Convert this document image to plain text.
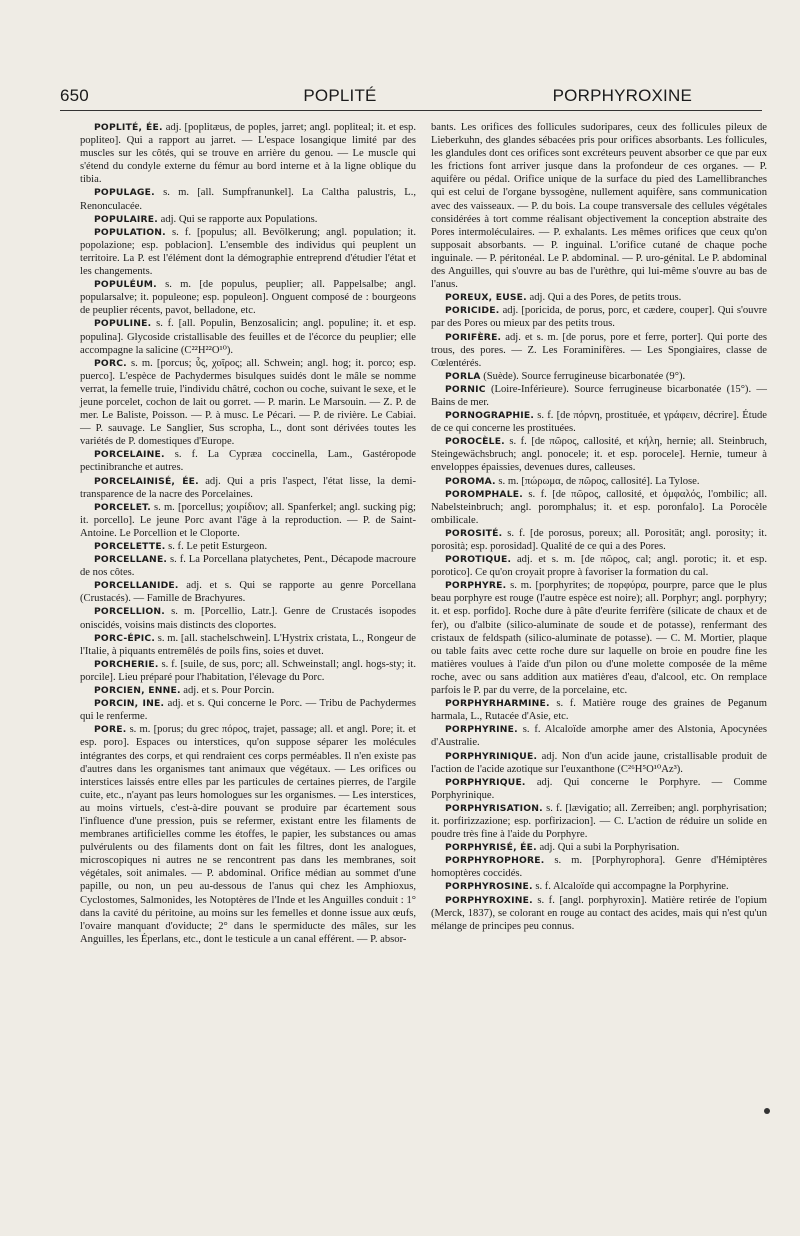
650	POPLITÉ	PORPHYROXINE

POPLITÉ, ÉE. adj. [poplitæus, de poples, jarret; angl. popliteal; it. et esp. popliteo]. Qui a rapport au jarret. — L'espace losangique limité par des muscles sur les côtés, qui se trouve en arrière du genou. — Le muscle qui s'étend du condyle externe du fémur au bord interne et à la ligne oblique du tibia.

POPULAGE. s. m. [all. Sumpfranunkel]. La Caltha palustris, L., Renonculacée.

POPULAIRE. adj. Qui se rapporte aux Populations.

POPULATION. s. f. [populus; all. Bevölkerung; angl. population; it. popolazione; esp. poblacion]. L'ensemble des individus qui peuplent un territoire. La P. est l'élément dont la démographie entreprend d'étudier l'état et les changements.

POPULÉUM. s. m. [de populus, peuplier; all. Pappelsalbe; angl. popularsalve; it. populeone; esp. populeon]. Onguent composé de : bourgeons de peuplier récents, pavot, belladone, etc.

POPULINE. s. f. [all. Populin, Benzosalicin; angl. populine; it. et esp. populina]. Glycoside cristallisable des feuilles et de l'écorce du peuplier; elle accompagne la salicine (C²²H²²O¹⁰).

PORC. s. m. [porcus; ὗς, χοῖρος; all. Schwein; angl. hog; it. porco; esp. puerco]. L'espèce de Pachydermes bisulques suidés dont le mâle se nomme verrat, la femelle truie, l'individu châtré, cochon ou coche, suivant le sexe, et le jeune porcelet, cochon de lait ou gorret. — P. marin. Le Marsouin. — Z. P. de mer. Le Baliste, Poisson. — P. à musc. Le Pécari. — P. de rivière. Le Cabiai. — P. sauvage. Le Sanglier, Sus scropha, L., dont sont dérivées toutes les variétés de P. domestiques d'Europe.

PORCELAINE. s. f. La Cypræa coccinella, Lam., Gastéropode pectinibranche et autres.

PORCELAINISÉ, ÉE. adj. Qui a pris l'aspect, l'état lisse, la demi-transparence de la nacre des Porcelaines.

PORCELET. s. m. [porcellus; χοιρίδιον; all. Spanferkel; angl. sucking pig; it. porcello]. Le jeune Porc avant l'âge à la reproduction. — P. de Saint-Antoine. Le Porcellion et le Cloporte.

PORCELETTE. s. f. Le petit Esturgeon.

PORCELLANE. s. f. La Porcellana platychetes, Pent., Décapode macroure de nos côtes.

PORCELLANIDE. adj. et s. Qui se rapporte au genre Porcellana (Crustacés). — Famille de Brachyures.

PORCELLION. s. m. [Porcellio, Latr.]. Genre de Crustacés isopodes oniscidés, voisins mais distincts des cloportes.

PORC-ÉPIC. s. m. [all. stachelschwein]. L'Hystrix cristata, L., Rongeur de l'Italie, à piquants entremêlés de poils fins, soies et duvet.

PORCHERIE. s. f. [suile, de sus, porc; all. Schweinstall; angl. hogs-sty; it. porcile]. Lieu préparé pour l'habitation, l'élevage du Porc.

PORCIEN, ENNE. adj. et s. Pour Porcin.

PORCIN, INE. adj. et s. Qui concerne le Porc. — Tribu de Pachydermes qui le renferme.

PORE. s. m. [porus; du grec πόρος, trajet, passage; all. et angl. Pore; it. et esp. poro]. Espaces ou interstices, qu'on suppose séparer les molécules intégrantes des corps, et qui rendraient ces corps perméables. Il n'en existe pas d'autres dans les organismes tant animaux que végétaux. — Les orifices ou interstices laissés entre elles par les particules de certaines pierres, de l'argile cuite, etc., n'ayant pas leurs homologues sur les organismes. — Les interstices, au moins virtuels, c'est-à-dire pouvant se produire par écartement sous l'influence d'une pression, puis se refermer, existant entre les filaments de membranes artificielles comme les étoffes, le papier, les substances ou amas pulvérulents ou des filaments dont on fait les filtres, dont les analogues, microscopiques ni autres ne se rencontrent pas dans les membranes, soit végétales, soit animales. — P. abdominal. Orifice médian au sommet d'une papille, ou non, un peu au-dessous de l'anus qui chez les Amphioxus, Cyclostomes, Salmonides, les Notoptères de l'Inde et les Anguilles conduit : 1° dans la cavité du péritoine, au moins sur les femelles et donne issue aux œufs, l'ovaire manquant d'oviducte; 2° dans le spermiducte des mâles, sur les Anguilles, les Éperlans, etc., dont le testicule a un canal efférent. — P. absor-

bants. Les orifices des follicules sudoripares, ceux des follicules pileux de Lieberkuhn, des glandes sébacées pris pour orifices absorbants. Les follicules, les glandules dont ces orifices sont excréteurs peuvent absorber ce que par eux les frictions font arriver jusque dans la profondeur de ces organes. — P. aquifère ou pédal. Orifice unique de la surface du pied des Lamellibranches qui est celui de l'organe byssogène, nullement aquifère, sans communication avec des vaisseaux. — P. du bois. La coupe transversale des cellules végétales considérées à tort comme réalisant objectivement la conception abstraite des Pores intermoléculaires. — P. exhalants. Les mêmes orifices que ceux qu'on supposait absorbants. — P. inguinal. L'orifice cutané de chaque poche inguinale. — P. péritonéal. Le P. abdominal. — P. uro-génital. Le P. abdominal des Anguilles, qui s'ouvre au bas de l'urèthre, qui lui-même s'ouvre au bas de l'anus.

POREUX, EUSE. adj. Qui a des Pores, de petits trous.

PORICIDE. adj. [poricida, de porus, porc, et cædere, couper]. Qui s'ouvre par des Pores ou mieux par des petits trous.

PORIFÈRE. adj. et s. m. [de porus, pore et ferre, porter]. Qui porte des trous, des pores. — Z. Les Foraminifères. — Les Spongiaires, classe de Cœlentérés.

PORLA (Suède). Source ferrugineuse bicarbonatée (9°).

PORNIC (Loire-Inférieure). Source ferrugineuse bicarbonatée (15°). — Bains de mer.

PORNOGRAPHIE. s. f. [de πόρνη, prostituée, et γράφειν, décrire]. Étude de ce qui concerne les prostituées.

POROCÈLE. s. f. [de πῶρος, callosité, et κήλη, hernie; all. Steinbruch, Steingewächsbruch; angl. ponocele; it. et esp. porocele]. Hernie, tumeur à enveloppes épaissies, devenues dures, calleuses.

POROMA. s. m. [πώρωμα, de πῶρος, callosité]. La Tylose.

POROMPHALE. s. f. [de πῶρος, callosité, et ὀμφαλός, l'ombilic; all. Nabelsteinbruch; angl. poromphalus; it. et esp. poronfalo]. La Porocèle ombilicale.

POROSITÉ. s. f. [de porosus, poreux; all. Porosität; angl. porosity; it. porosità; esp. porosidad]. Qualité de ce qui a des Pores.

POROTIQUE. adj. et s. m. [de πῶρος, cal; angl. porotic; it. et esp. porotico]. Ce qu'on croyait propre à favoriser la formation du cal.

PORPHYRE. s. m. [porphyrites; de πορφύρα, pourpre, parce que le plus beau porphyre est rouge (l'autre espèce est noire); all. Porphyr; angl. porphyry; it. et esp. porfido]. Roche dure à pâte d'eurite ferrifère (silicate de chaux et de fer), ou d'albite (silico-aluminate de soude et de potasse), renfermant des cristaux de feldspath (silico-aluminate de potasse). — C. M. Mortier, plaque ou table faits avec cette roche dure sur laquelle on broie en poudre fine les matières voulues à l'aide d'un pilon ou d'une molette composée de la même roche, avec ou sans addition aux matières d'eau, d'alcool, etc. On remplace parfois le P. par du verre, de la porcelaine, etc.

PORPHYRHARMINE. s. f. Matière rouge des graines de Peganum harmala, L., Rutacée d'Asie, etc.

PORPHYRINE. s. f. Alcaloïde amorphe amer des Alstonia, Apocynées d'Australie.

PORPHYRINIQUE. adj. Non d'un acide jaune, cristallisable produit de l'action de l'acide azotique sur l'euxanthone (C²⁶H⁵O¹⁰Az³).

PORPHYRIQUE. adj. Qui concerne le Porphyre. — Comme Porphyrinique.

PORPHYRISATION. s. f. [lævigatio; all. Zerreiben; angl. porphyrisation; it. porfirizzazione; esp. porfirizacion]. — C. L'action de réduire un solide en poudre très fine à l'aide du Porphyre.

PORPHYRISÉ, ÉE. adj. Qui a subi la Porphyrisation.

PORPHYROPHORE. s. m. [Porphyrophora]. Genre d'Hémiptères homoptères coccidés.

PORPHYROSINE. s. f. Alcaloïde qui accompagne la Porphyrine.

PORPHYROXINE. s. f. [angl. porphyroxin]. Matière retirée de l'opium (Merck, 1837), se colorant en rouge au contact des acides, mais qui n'est qu'un mélange de principes peu connus.
